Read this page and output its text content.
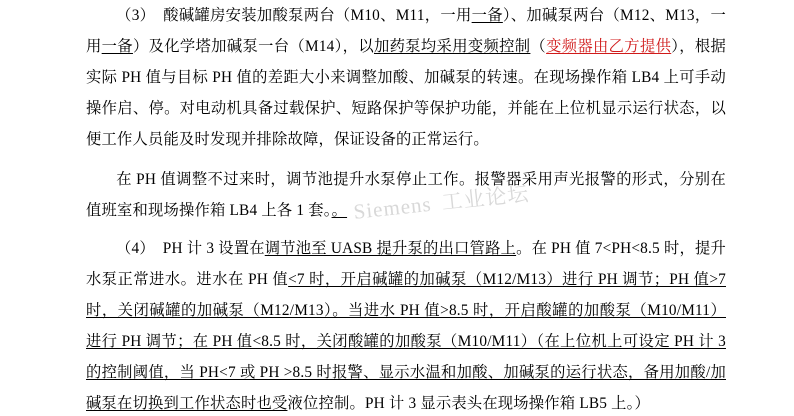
Siemens 工业论坛

（3）　酸碱罐房安装加酸泵两台（M10、M11，一用一备）、加碱泵两台（M12、M13，一用一备）及化学塔加碱泵一台（M14），以加药泵均采用变频控制（变频器由乙方提供），根据实际 PH 值与目标 PH 值的差距大小来调整加酸、加碱泵的转速。在现场操作箱 LB4 上可手动操作启、停。对电动机具备过载保护、短路保护等保护功能，并能在上位机显示运行状态，以便工作人员能及时发现并排除故障，保证设备的正常运行。

在 PH 值调整不过来时，调节池提升水泵停止工作。报警器采用声光报警的形式，分别在值班室和现场操作箱 LB4 上各 1 套。。

（4）　PH 计 3 设置在调节池至 UASB 提升泵的出口管路上。在 PH 值 7<PH<8.5 时，提升水泵正常进水。进水在 PH 值<7 时，开启碱罐的加碱泵（M12/M13）进行 PH 调节；PH 值>7 时，关闭碱罐的加碱泵（M12/M13）。当进水 PH 值>8.5 时，开启酸罐的加酸泵（M10/M11）进行 PH 调节；在 PH 值<8.5 时，关闭酸罐的加酸泵（M10/M11）（在上位机上可设定 PH 计 3 的控制阈值，当 PH<7 或 PH >8.5 时报警、显示水温和加酸、加碱泵的运行状态，备用加酸/加碱泵在切换到工作状态时也受液位控制。PH 计 3 显示表头在现场操作箱 LB5 上。）
